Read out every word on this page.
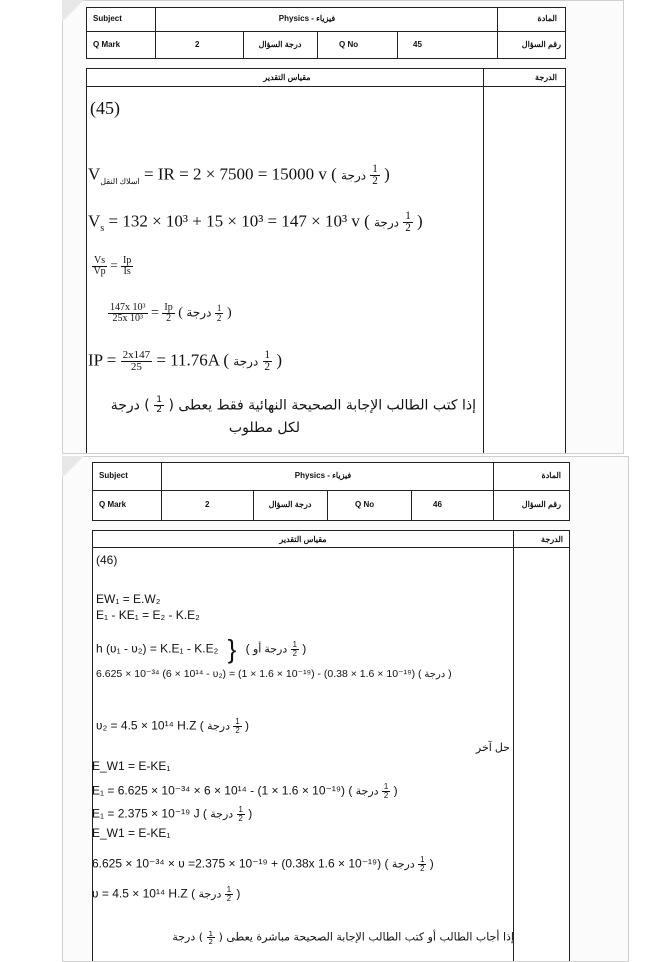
Subject	فيزياء - Physics	المادة
Q Mark	2	درجة السؤال	Q No	45	رقم السؤال
مقياس التقدير	الدرجة
(45)
$V_{اسلاك النقل}$ = IR = 2 × 7500 = 15000 v ( درجة $\frac{1}{2}$ )
$V_s = 132 \times 10^3 + 15 \times 10^3 = 147 \times 10^3$ v ( درجة $\frac{1}{2}$ )
$\frac{Vs}{Vp} = \frac{Ip}{Is}$
$\frac{\text{147x 10³}}{\text{25x 10³}} = \frac{Ip}{2}$ ( درجة $\frac{1}{2}$ )
IP = $\frac{2x147}{25} = 11.76A$ ( درجة $\frac{1}{2}$ )
إذا كتب الطالب الإجابة الصحيحة النهائية فقط يعطى (
$\frac{1}{2}$
) درجة
لكل مطلوب
Subject	فيزياء - Physics	المادة
Q Mark	2	درجة السؤال	Q No	46	رقم السؤال
مقياس التقدير	الدرجة
(46)
EW₁ = E.W₂
E₁ - KE₁ = E₂ - K.E₂
h (ʋ₁ - ʋ₂) = K.E₁ - K.E₂ } ( درجة أو $\frac{1}{2}$ )
6.625 × 10⁻³⁴ (6 × 10¹⁴ - ʋ₂) = (1 × 1.6 × 10⁻¹⁹) - (0.38 × 1.6 × 10⁻¹⁹) ( درجة )
ʋ₂ = 4.5 × 10¹⁴ H.Z ( درجة $\frac{1}{2}$ )
حل آخر
E_W1 = E-KE₁
E₁ = 6.625 × 10⁻³⁴ × 6 × 10¹⁴ - (1 × 1.6 × 10⁻¹⁹) ( درجة $\frac{1}{2}$ )
E₁ = 2.375 × 10⁻¹⁹ J ( درجة $\frac{1}{2}$ )
E_W1 = E-KE₁
6.625 × 10⁻³⁴ × ʋ =2.375 × 10⁻¹⁹ + (0.38x 1.6 × 10⁻¹⁹) ( درجة $\frac{1}{2}$ )
ʋ = 4.5 × 10¹⁴ H.Z ( درجة $\frac{1}{2}$ )
إذا أجاب الطالب أو كتب الطالب الإجابة الصحيحة مباشرة يعطى (
$\frac{1}{2}$
) درجة
